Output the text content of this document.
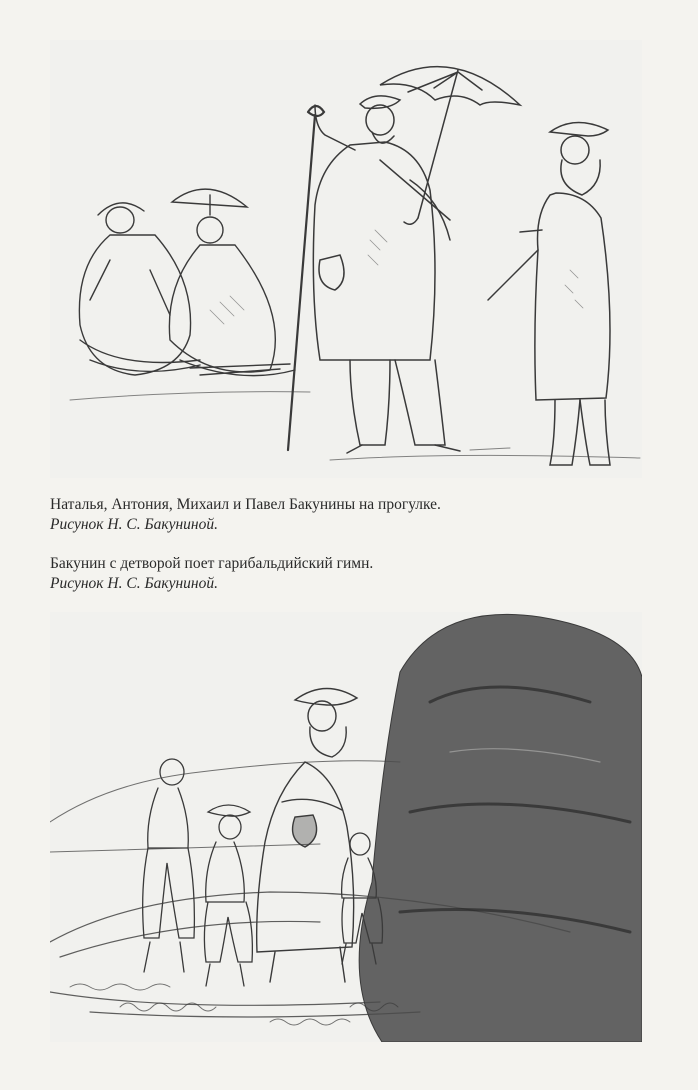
Наталья, Антония, Михаил и Павел Бакунины на прогулке.
Рисунок Н. С. Бакуниной.
Бакунин с детворой поет гарибальдийский гимн.
Рисунок Н. С. Бакуниной.
